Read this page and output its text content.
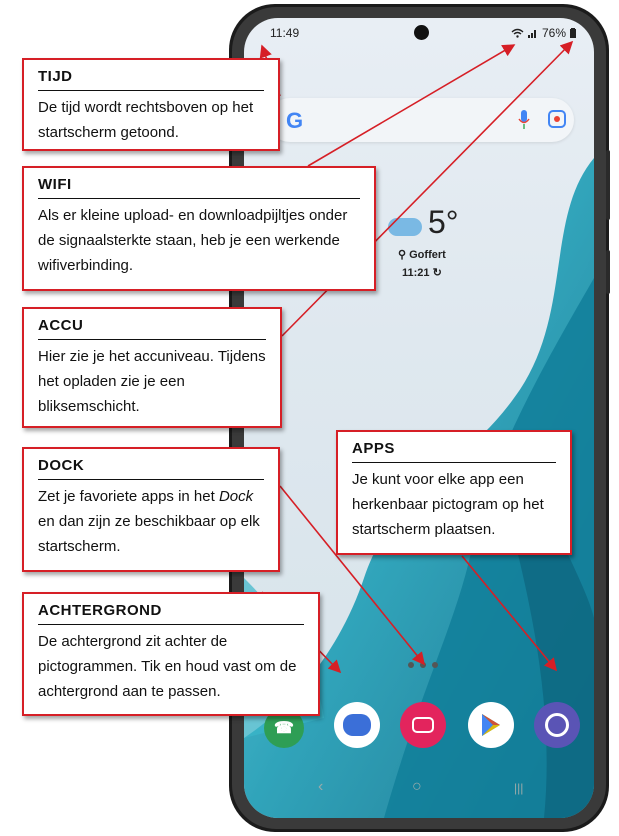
11:49	76%
G
5°
⚲ Goffert
11:21 ↻
☎
‹	○	|||
TIJD

De tijd wordt rechtsboven op het startscherm getoond.

WIFI

Als er kleine upload- en downloadpijltjes onder de signaalsterkte staan, heb je een werkende wifiverbinding.

ACCU

Hier zie je het accuniveau. Tijdens het opladen zie je een bliksemschicht.

DOCK

Zet je favoriete apps in het Dock en dan zijn ze beschikbaar op elk startscherm.

ACHTERGROND

De achtergrond zit achter de pictogrammen. Tik en houd vast om de achtergrond aan te passen.

APPS

Je kunt voor elke app een herkenbaar pictogram op het startscherm plaatsen.
